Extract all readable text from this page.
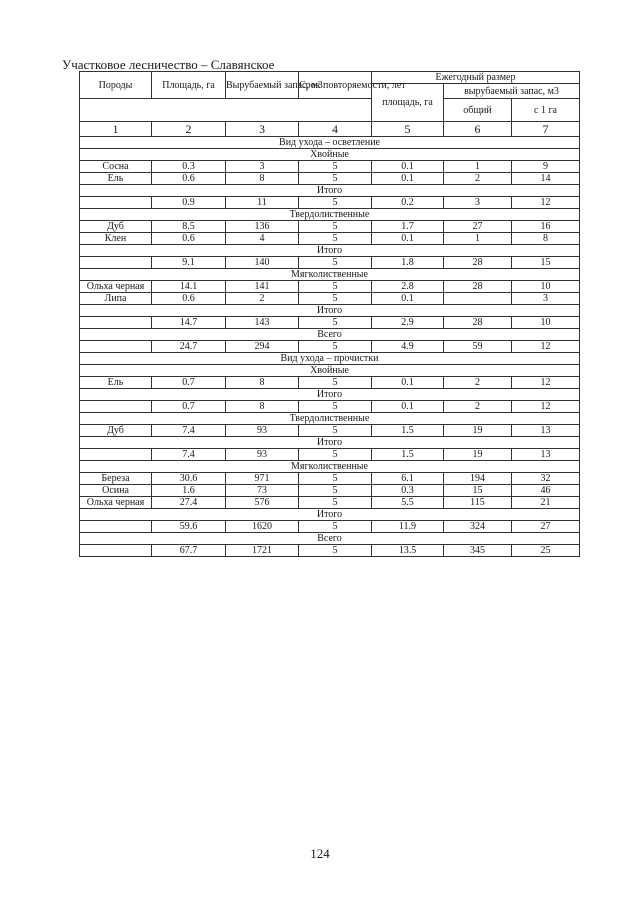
Участковое лесничество – Славянское
Породы	Площадь, га	Вырубаемый запас, м3	Срок повторяемости, лет	Ежегодный размер		
				площадь, га	вырубаемый запас, м3	
					общий	с 1 га
1	2	3	4	5	6	7
Вид ухода – осветление						
Хвойные						
Сосна	0.3	3	5	0.1	1	9
Ель	0.6	8	5	0.1	2	14
Итого						
	0.9	11	5	0.2	3	12
Твердолиственные						
Дуб	8.5	136	5	1.7	27	16
Клен	0.6	4	5	0.1	1	8
Итого						
	9.1	140	5	1.8	28	15
Мягколиственные						
Ольха черная	14.1	141	5	2.8	28	10
Липа	0.6	2	5	0.1		3
Итого						
	14.7	143	5	2.9	28	10
Всего						
	24.7	294	5	4.9	59	12
Вид ухода – прочистки						
Хвойные						
Ель	0.7	8	5	0.1	2	12
Итого						
	0.7	8	5	0.1	2	12
Твердолиственные						
Дуб	7.4	93	5	1.5	19	13
Итого						
	7.4	93	5	1.5	19	13
Мягколиственные						
Береза	30.6	971	5	6.1	194	32
Осина	1.6	73	5	0.3	15	46
Ольха черная	27.4	576	5	5.5	115	21
Итого						
	59.6	1620	5	11.9	324	27
Всего						
	67.7	1721	5	13.5	345	25
124
